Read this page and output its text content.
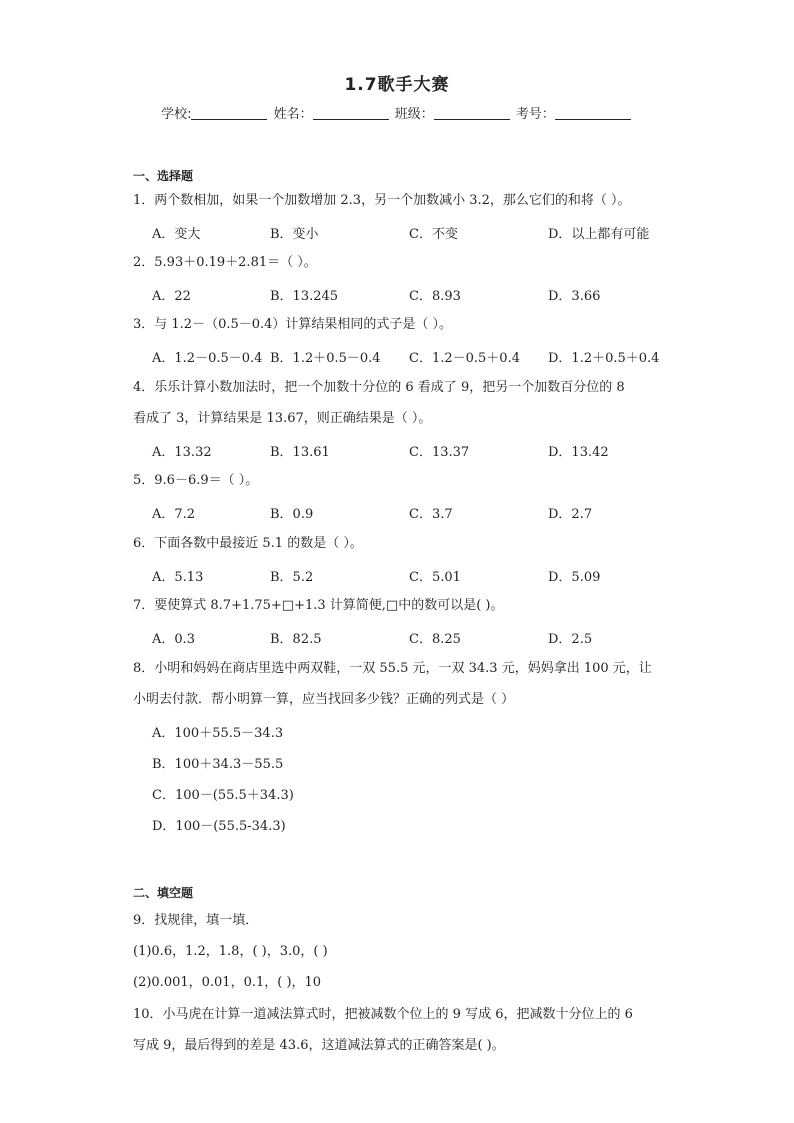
1.7歌手大赛
学校:	姓名：	班级：	考号：
一、选择题
1．两个数相加，如果一个加数增加 2.3，另一个加数减小 3.2，那么它们的和将（ ）。
A．变大	B．变小	C．不变	D．以上都有可能
2．5.93＋0.19＋2.81＝（ ）。
A．22	B．13.245	C．8.93	D．3.66
3．与 1.2－（0.5－0.4）计算结果相同的式子是（ ）。
A．1.2－0.5－0.4 B．1.2＋0.5－0.4 C．1.2－0.5＋0.4 D．1.2＋0.5＋0.4
4．乐乐计算小数加法时，把一个加数十分位的 6 看成了 9，把另一个加数百分位的 8
看成了 3，计算结果是 13.67，则正确结果是（ ）。
A．13.32	B．13.61	C．13.37	D．13.42
5．9.6－6.9＝（ ）。
A．7.2	B．0.9	C．3.7	D．2.7
6．下面各数中最接近 5.1 的数是（ ）。
A．5.13	B．5.2	C．5.01	D．5.09
7．要使算式 8.7+1.75+□+1.3 计算简便,□中的数可以是( )。
A．0.3	B．82.5	C．8.25	D．2.5
8．小明和妈妈在商店里选中两双鞋，一双 55.5 元，一双 34.3 元，妈妈拿出 100 元，让
小明去付款．帮小明算一算，应当找回多少钱？正确的列式是（ ）
A．100＋55.5－34.3
B．100＋34.3－55.5
C．100－(55.5＋34.3)
D．100－(55.5-34.3)
二、填空题
9．找规律，填一填．
(1)0.6，1.2，1.8，( )，3.0，( )
(2)0.001，0.01，0.1，( )，10
10．小马虎在计算一道减法算式时，把被减数个位上的 9 写成 6，把减数十分位上的 6
写成 9，最后得到的差是 43.6，这道减法算式的正确答案是( )。
